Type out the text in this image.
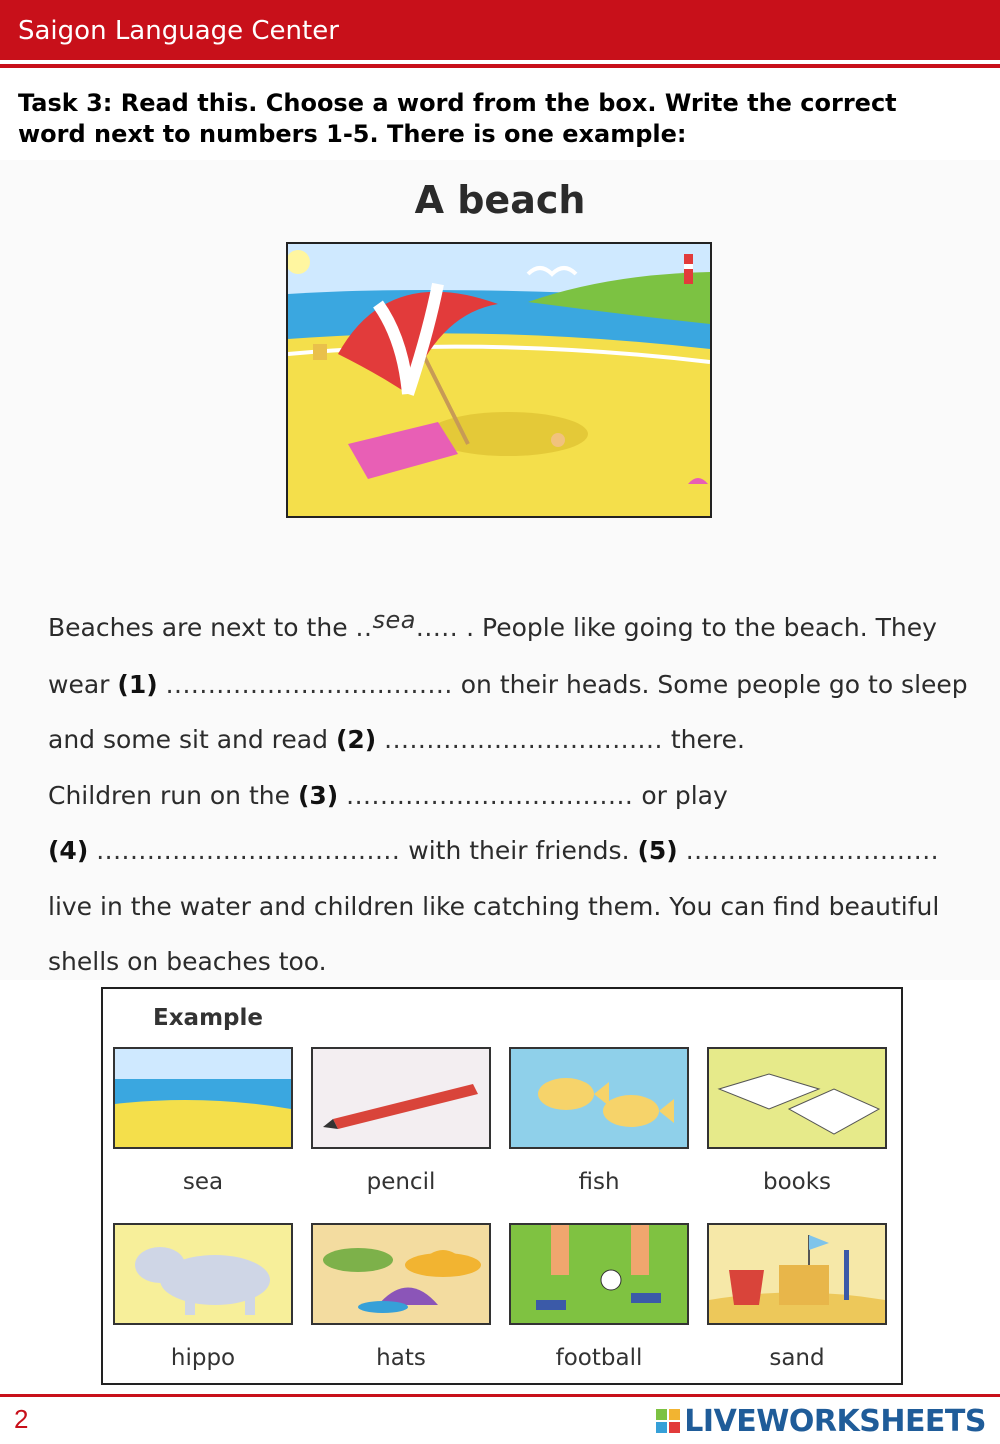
Saigon Language Center
Task 3: Read this. Choose a word from the box. Write the correct word next to numbers 1-5. There is one example:
A beach
Beaches are next to the ..sea..... . People like going to the beach. They
wear (1) .................................. on their heads. Some people go to sleep
and some sit and read (2) ................................. there.
Children run on the (3) .................................. or play
(4) .................................... with their friends. (5) ..............................
live in the water and children like catching them. You can find beautiful
shells on beaches too.
Example
sea	pencil	fish	books
hippo	hats	football	sand
2	LIVEWORKSHEETS
